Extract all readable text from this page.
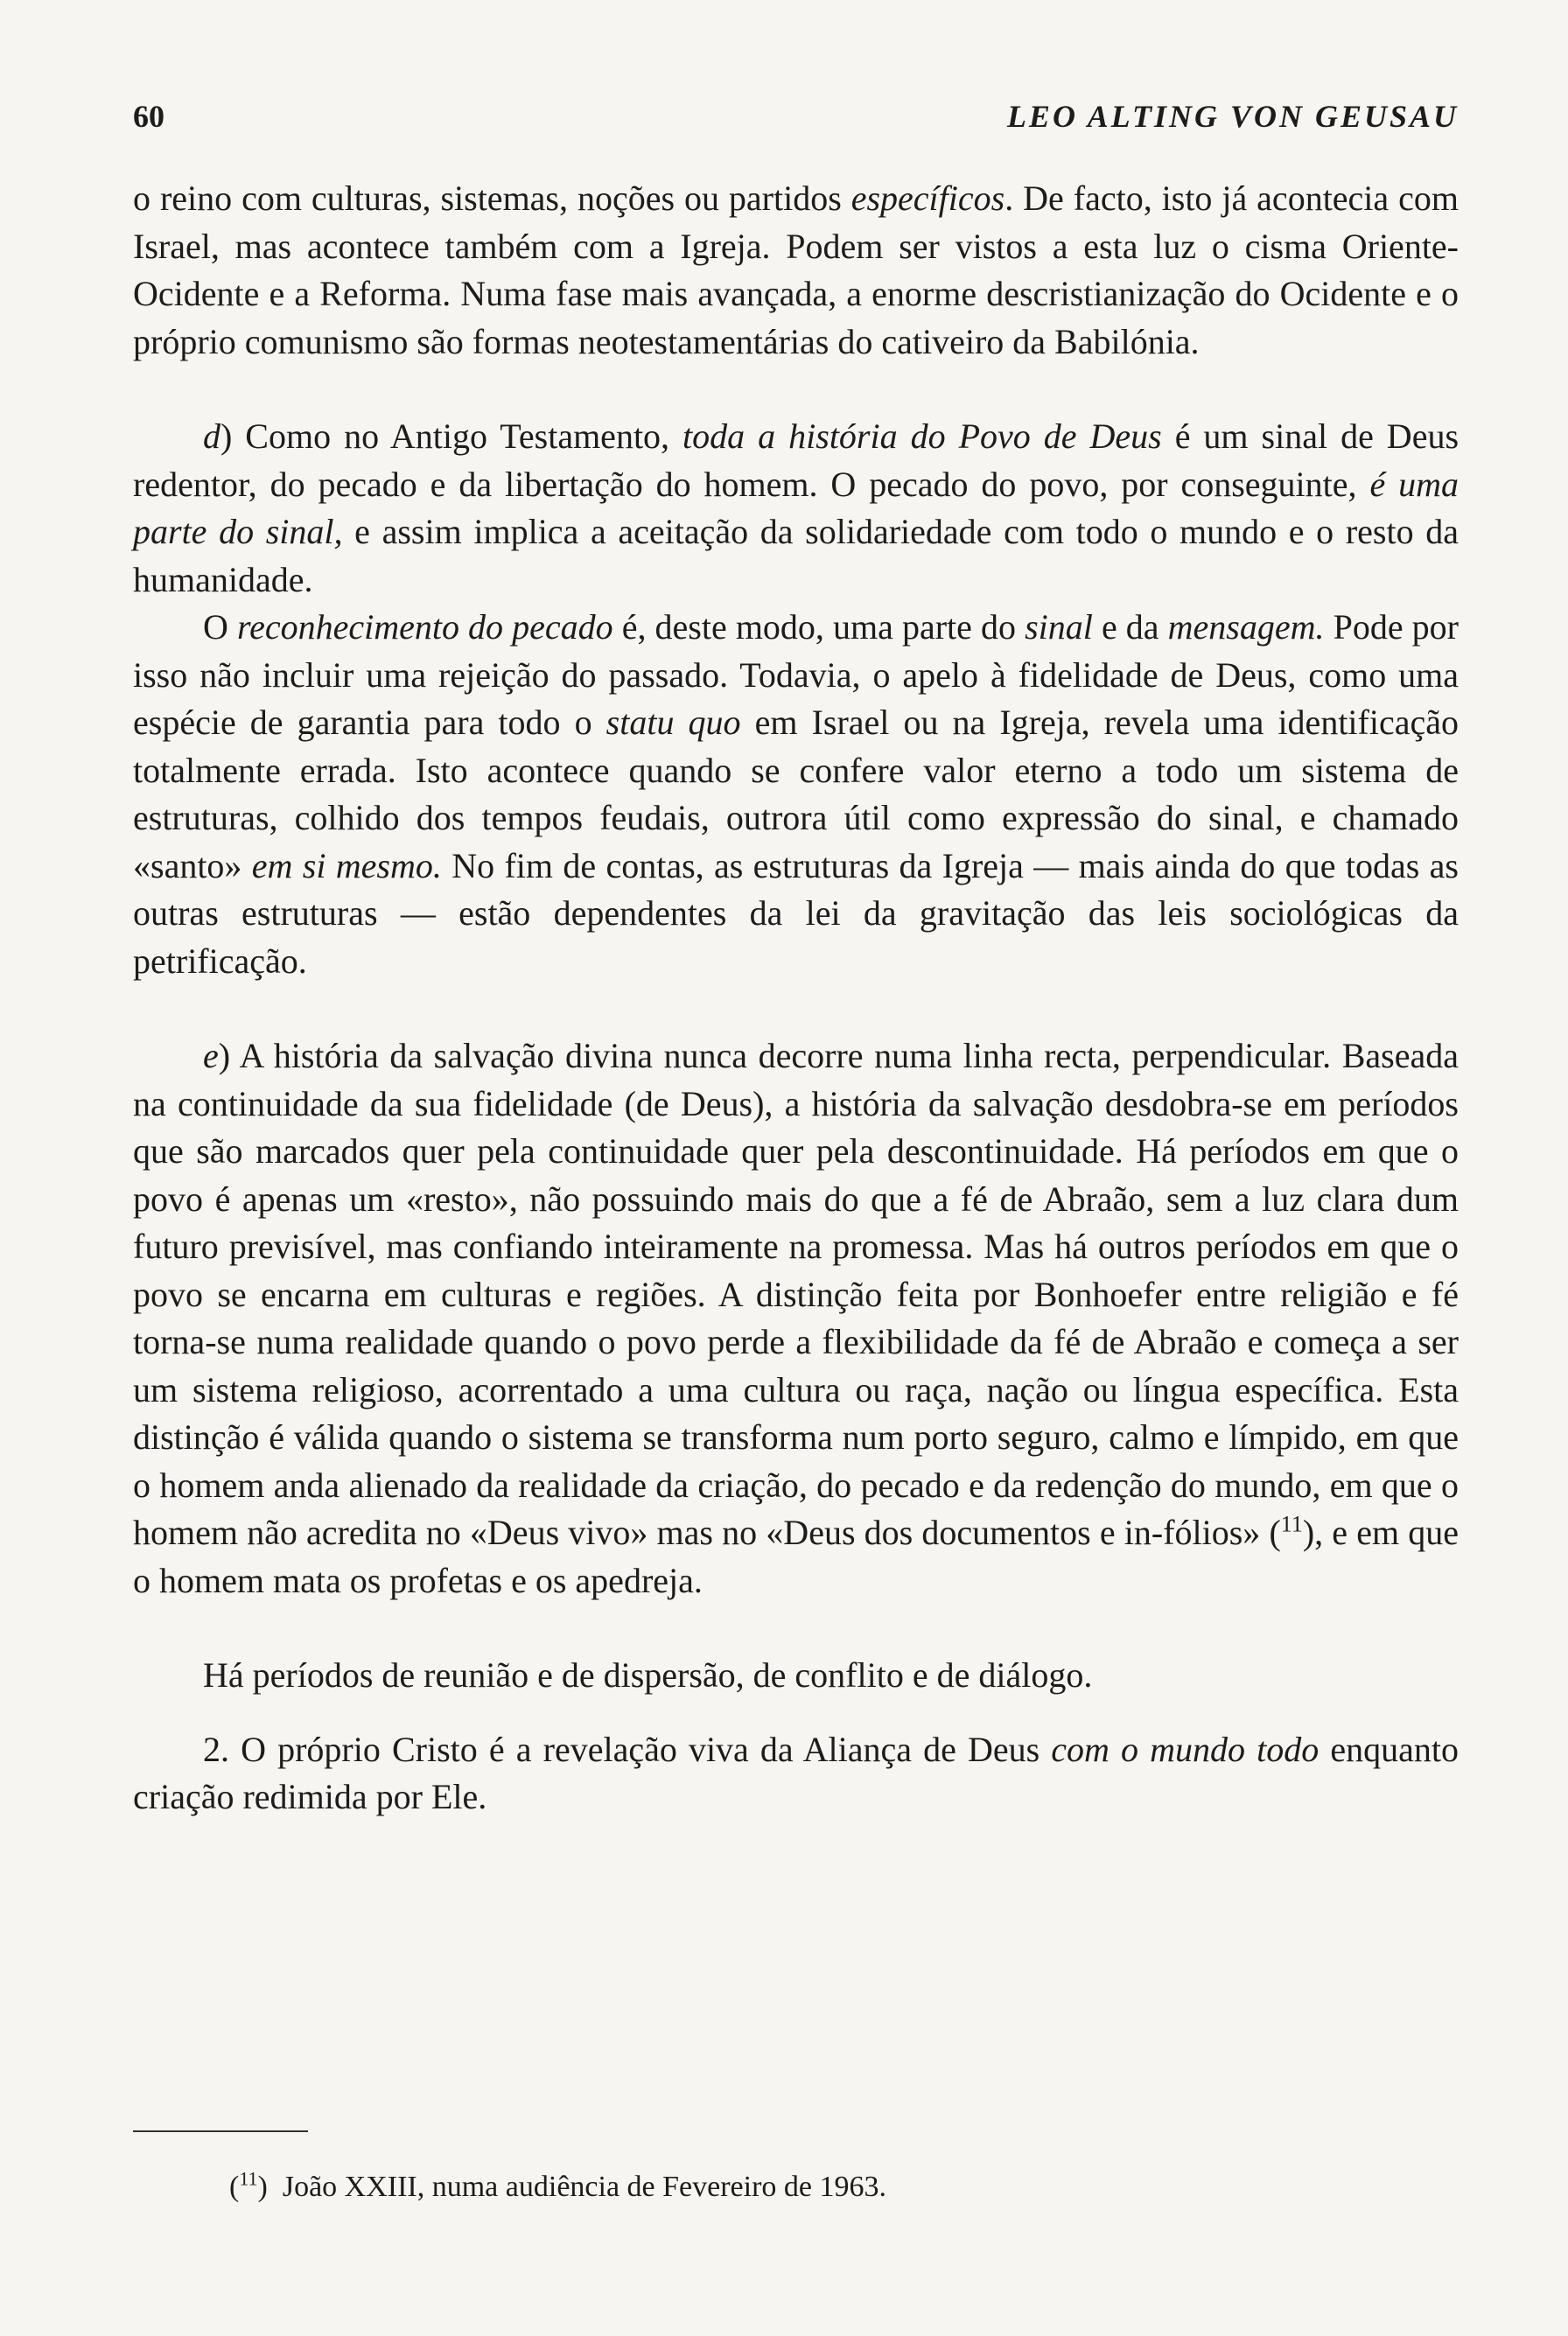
60	LEO ALTING VON GEUSAU

o reino com culturas, sistemas, noções ou partidos específicos. De facto, isto já acontecia com Israel, mas acontece também com a Igreja. Podem ser vistos a esta luz o cisma Oriente-Ocidente e a Reforma. Numa fase mais avançada, a enorme descristianização do Ocidente e o próprio comunismo são formas neotestamentárias do cativeiro da Babilónia.

d) Como no Antigo Testamento, toda a história do Povo de Deus é um sinal de Deus redentor, do pecado e da libertação do homem. O pecado do povo, por conseguinte, é uma parte do sinal, e assim implica a aceitação da solidariedade com todo o mundo e o resto da humanidade.

O reconhecimento do pecado é, deste modo, uma parte do sinal e da mensagem. Pode por isso não incluir uma rejeição do passado. Todavia, o apelo à fidelidade de Deus, como uma espécie de garantia para todo o statu quo em Israel ou na Igreja, revela uma identificação totalmente errada. Isto acontece quando se confere valor eterno a todo um sistema de estruturas, colhido dos tempos feudais, outrora útil como expressão do sinal, e chamado «santo» em si mesmo. No fim de contas, as estruturas da Igreja — mais ainda do que todas as outras estruturas — estão dependentes da lei da gravitação das leis sociológicas da petrificação.

e) A história da salvação divina nunca decorre numa linha recta, perpendicular. Baseada na continuidade da sua fidelidade (de Deus), a história da salvação desdobra-se em períodos que são marcados quer pela continuidade quer pela descontinuidade. Há períodos em que o povo é apenas um «resto», não possuindo mais do que a fé de Abraão, sem a luz clara dum futuro previsível, mas confiando inteiramente na promessa. Mas há outros períodos em que o povo se encarna em culturas e regiões. A distinção feita por Bonhoefer entre religião e fé torna-se numa realidade quando o povo perde a flexibilidade da fé de Abraão e começa a ser um sistema religioso, acorrentado a uma cultura ou raça, nação ou língua específica. Esta distinção é válida quando o sistema se transforma num porto seguro, calmo e límpido, em que o homem anda alienado da realidade da criação, do pecado e da redenção do mundo, em que o homem não acredita no «Deus vivo» mas no «Deus dos documentos e in-fólios» ($^{11}$), e em que o homem mata os profetas e os apedreja.

Há períodos de reunião e de dispersão, de conflito e de diálogo.

2. O próprio Cristo é a revelação viva da Aliança de Deus com o mundo todo enquanto criação redimida por Ele.

($^{11}$)  João XXIII, numa audiência de Fevereiro de 1963.
